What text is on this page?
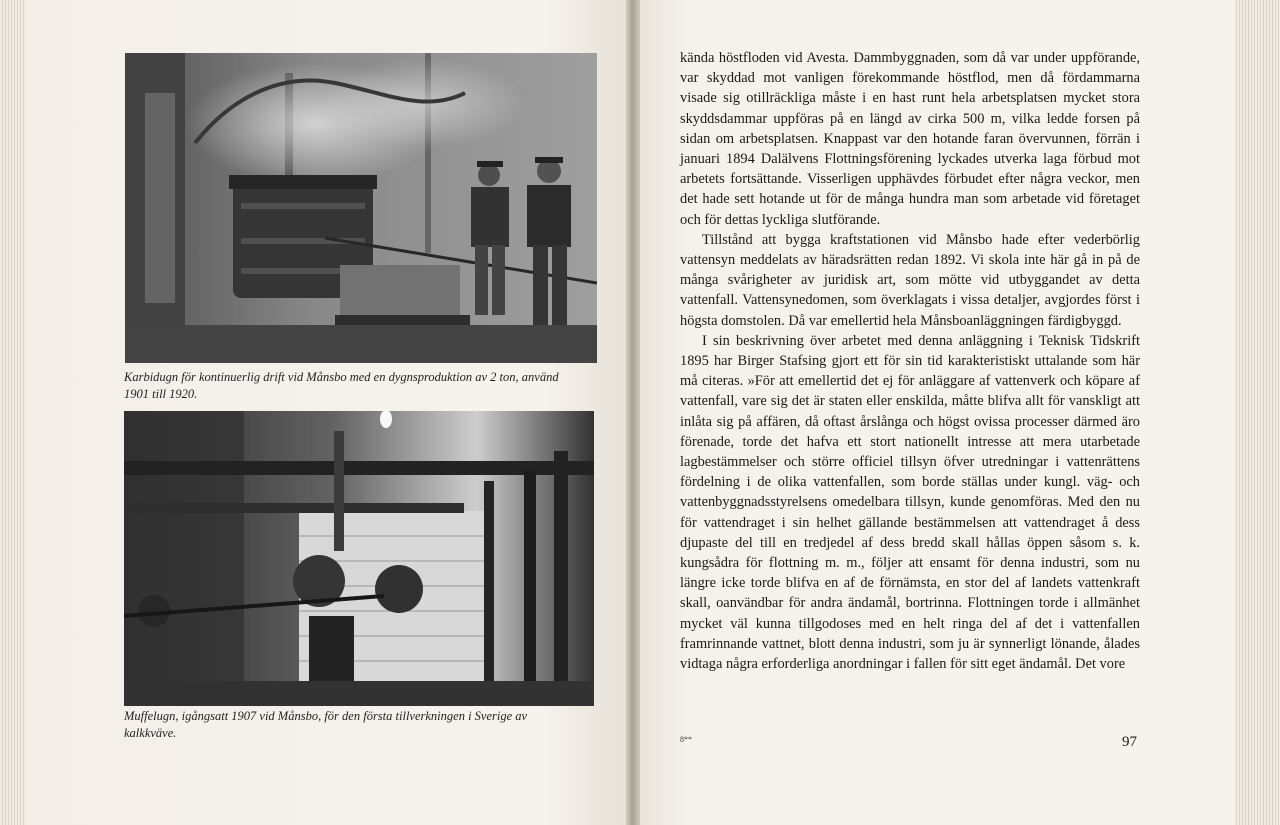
Karbidugn för kontinuerlig drift vid Månsbo med en dygnsproduktion av 2 ton, använd 1901 till 1920.
Muffelugn, igångsatt 1907 vid Månsbo, för den första tillverkningen i Sverige av kalkkväve.

kända höstfloden vid Avesta. Dammbyggnaden, som då var under uppförande, var skyddad mot vanligen förekommande höstflod, men då fördammarna visade sig otillräckliga måste i en hast runt hela arbetsplatsen mycket stora skyddsdammar uppföras på en längd av cirka 500 m, vilka ledde forsen på sidan om arbetsplatsen. Knappast var den hotande faran övervunnen, förrän i januari 1894 Dalälvens Flottningsförening lyckades utverka laga förbud mot arbetets fortsättande. Visserligen upphävdes förbudet efter några veckor, men det hade sett hotande ut för de många hundra man som arbetade vid företaget och för dettas lyckliga slutförande.

Tillstånd att bygga kraftstationen vid Månsbo hade efter vederbörlig vattensyn meddelats av häradsrätten redan 1892. Vi skola inte här gå in på de många svårigheter av juridisk art, som mötte vid utbyggandet av detta vattenfall. Vattensynedomen, som överklagats i vissa detaljer, avgjordes först i högsta domstolen. Då var emellertid hela Månsboanläggningen färdigbyggd.

I sin beskrivning över arbetet med denna anläggning i Teknisk Tidskrift 1895 har Birger Stafsing gjort ett för sin tid karakteristiskt uttalande som här må citeras. »För att emellertid det ej för anläggare af vattenverk och köpare af vattenfall, vare sig det är staten eller enskilda, måtte blifva allt för vanskligt att inlåta sig på affären, då oftast årslånga och högst ovissa processer därmed äro förenade, torde det hafva ett stort nationellt intresse att mera utarbetade lagbestämmelser och större officiel tillsyn öfver utredningar i vattenrättens fördelning i de olika vattenfallen, som borde ställas under kungl. väg- och vattenbyggnadsstyrelsens omedelbara tillsyn, kunde genomföras. Med den nu för vattendraget i sin helhet gällande bestämmelsen att vattendraget å dess djupaste del till en tredjedel af dess bredd skall hållas öppen såsom s. k. kungsådra för flottning m. m., följer att ensamt för denna industri, som nu längre icke torde blifva en af de förnämsta, en stor del af landets vattenkraft skall, oanvändbar för andra ändamål, bortrinna. Flottningen torde i allmänhet mycket väl kunna tillgodoses med en helt ringa del af det i vattenfallen framrinnande vattnet, blott denna industri, som ju är synnerligt lönande, ålades vidtaga några erforderliga anordningar i fallen för sitt eget ändamål. Det vore

8**	97
